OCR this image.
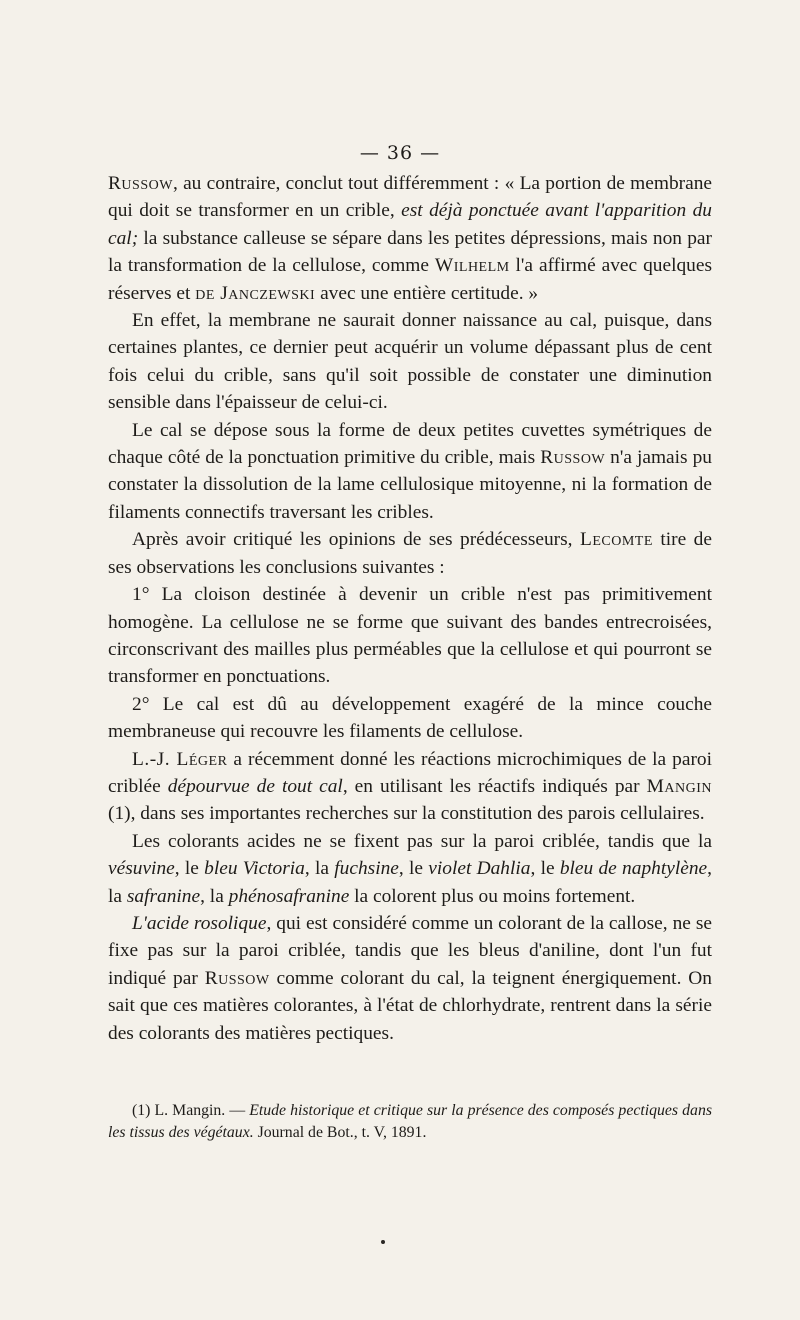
— 36 —

Russow, au contraire, conclut tout différemment : « La portion de membrane qui doit se transformer en un crible, est déjà ponctuée avant l'apparition du cal; la substance calleuse se sépare dans les petites dépressions, mais non par la transformation de la cellulose, comme Wilhelm l'a affirmé avec quelques réserves et de Janczewski avec une entière certitude. »

En effet, la membrane ne saurait donner naissance au cal, puisque, dans certaines plantes, ce dernier peut acquérir un volume dépassant plus de cent fois celui du crible, sans qu'il soit possible de constater une diminution sensible dans l'épaisseur de celui-ci.

Le cal se dépose sous la forme de deux petites cuvettes symétriques de chaque côté de la ponctuation primitive du crible, mais Russow n'a jamais pu constater la dissolution de la lame cellulosique mitoyenne, ni la formation de filaments connectifs traversant les cribles.

Après avoir critiqué les opinions de ses prédécesseurs, Lecomte tire de ses observations les conclusions suivantes :

1° La cloison destinée à devenir un crible n'est pas primitivement homogène. La cellulose ne se forme que suivant des bandes entrecroisées, circonscrivant des mailles plus perméables que la cellulose et qui pourront se transformer en ponctuations.

2° Le cal est dû au développement exagéré de la mince couche membraneuse qui recouvre les filaments de cellulose.

L.-J. Léger a récemment donné les réactions microchimiques de la paroi criblée dépourvue de tout cal, en utilisant les réactifs indiqués par Mangin (1), dans ses importantes recherches sur la constitution des parois cellulaires.

Les colorants acides ne se fixent pas sur la paroi criblée, tandis que la vésuvine, le bleu Victoria, la fuchsine, le violet Dahlia, le bleu de naphtylène, la safranine, la phénosafranine la colorent plus ou moins fortement.

L'acide rosolique, qui est considéré comme un colorant de la callose, ne se fixe pas sur la paroi criblée, tandis que les bleus d'aniline, dont l'un fut indiqué par Russow comme colorant du cal, la teignent énergiquement. On sait que ces matières colorantes, à l'état de chlorhydrate, rentrent dans la série des colorants des matières pectiques.

(1) L. Mangin. — Etude historique et critique sur la présence des composés pectiques dans les tissus des végétaux. Journal de Bot., t. V, 1891.
